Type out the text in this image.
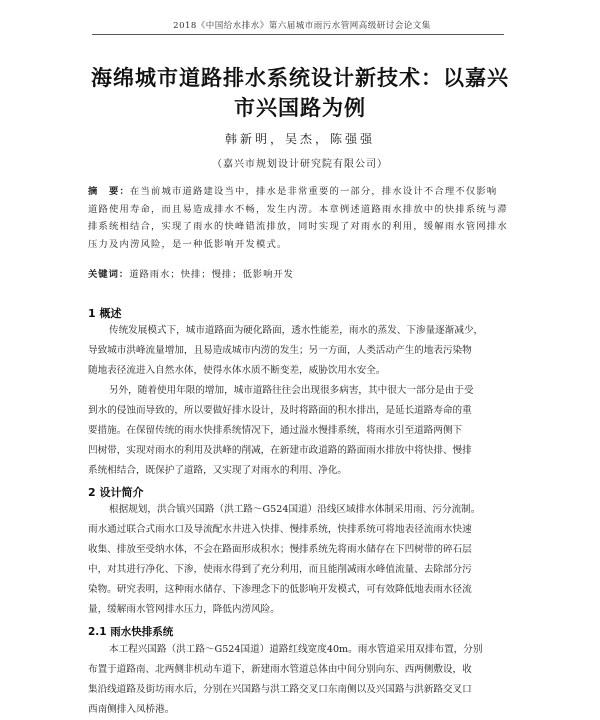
2018《中国给水排水》第六届城市雨污水管网高级研讨会论文集
海绵城市道路排水系统设计新技术：以嘉兴
市兴国路为例
韩新明，吴杰，陈强强
（嘉兴市规划设计研究院有限公司）
摘　要：在当前城市道路建设当中，排水是非常重要的一部分，排水设计不合理不仅影响
道路使用寿命，而且易造成排水不畅，发生内涝。本章例述道路雨水排放中的快排系统与滞
排系统相结合，实现了雨水的快峰错流排放，同时实现了对雨水的利用，缓解雨水管网排水
压力及内涝风险，是一种低影响开发模式。
关键词：道路雨水；快排；慢排；低影响开发
1 概述
传统发展模式下，城市道路面为硬化路面，透水性能差，雨水的蒸发、下渗量逐渐减少，
导致城市洪峰流量增加，且易造成城市内涝的发生；另一方面，人类活动产生的地表污染物
随地表径流进入自然水体，使得水体水质不断变差，威胁饮用水安全。
另外，随着使用年限的增加，城市道路往往会出现很多病害，其中很大一部分是由于受
到水的侵蚀而导致的，所以要做好排水设计，及时将路面的积水排出，是延长道路寿命的重
要措施。在保留传统的雨水快排系统情况下，通过溢水慢排系统，将雨水引至道路两侧下
凹树带，实现对雨水的利用及洪峰的削减，在新建市政道路的路面雨水排放中将快排、慢排
系统相结合，既保护了道路，又实现了对雨水的利用、净化。
2 设计简介
根据规划，洪合镇兴国路（洪工路～G524国道）沿线区域排水体制采用雨、污分流制。
雨水通过联合式雨水口及导流配水井进入快排、慢排系统，快排系统可将地表径流雨水快速
收集、排放至受纳水体，不会在路面形成积水；慢排系统先将雨水储存在下凹树带的碎石层
中，对其进行净化、下渗，使雨水得到了充分利用，而且能削减雨水峰值流量、去除部分污
染物。研究表明，这种雨水储存、下渗理念下的低影响开发模式，可有效降低地表雨水径流
量，缓解雨水管网排水压力，降低内涝风险。
2.1 雨水快排系统
本工程兴国路（洪工路～G524国道）道路红线宽度40m。雨水管道采用双排布置，分别
布置于道路南、北两侧非机动车道下，新建雨水管道总体由中间分别向东、西两侧敷设，收
集沿线道路及街坊雨水后，分别在兴国路与洪工路交叉口东南侧以及兴国路与洪新路交叉口
西南侧排入凤桥港。
